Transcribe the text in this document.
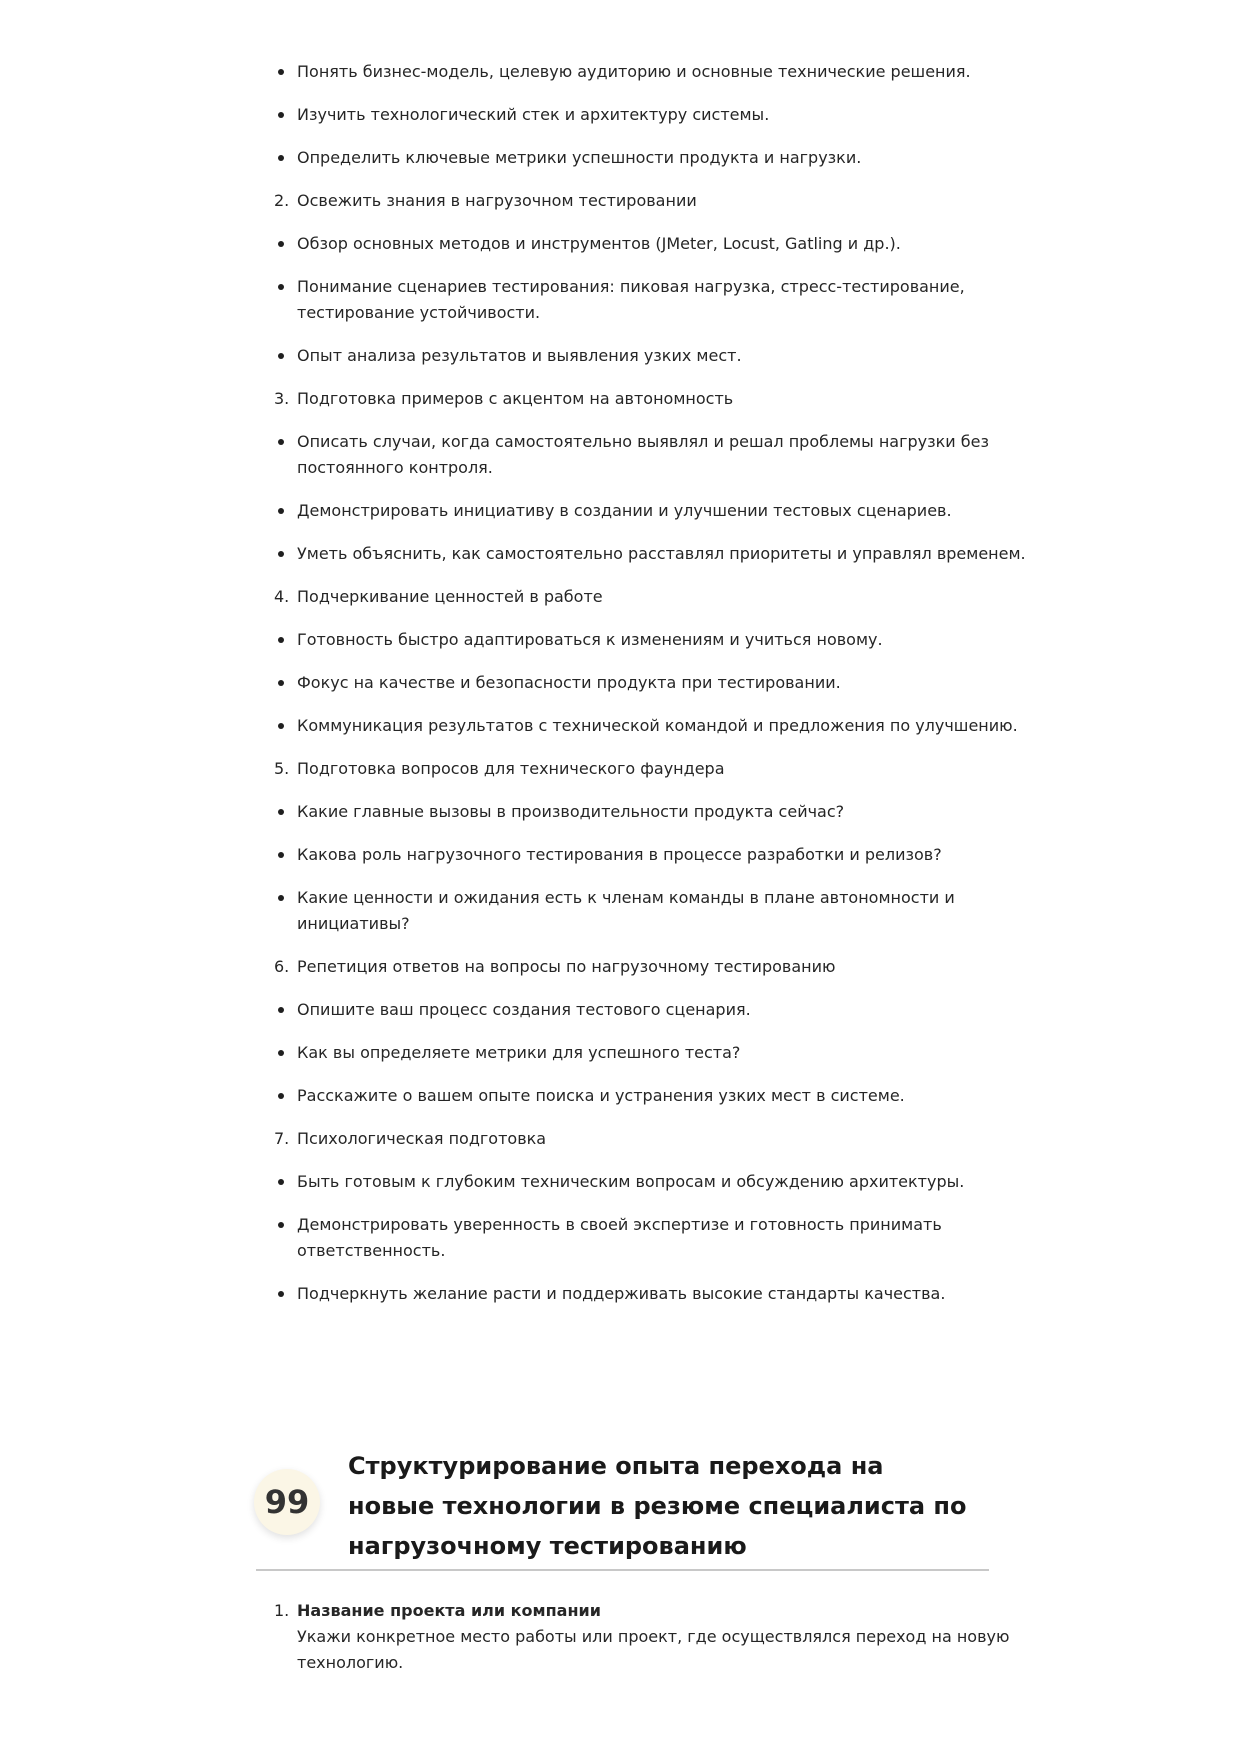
Понять бизнес-модель, целевую аудиторию и основные технические решения.
Изучить технологический стек и архитектуру системы.
Определить ключевые метрики успешности продукта и нагрузки.
2. Освежить знания в нагрузочном тестировании
Обзор основных методов и инструментов (JMeter, Locust, Gatling и др.).
Понимание сценариев тестирования: пиковая нагрузка, стресс-тестирование,
тестирование устойчивости.
Опыт анализа результатов и выявления узких мест.
3. Подготовка примеров с акцентом на автономность
Описать случаи, когда самостоятельно выявлял и решал проблемы нагрузки без
постоянного контроля.
Демонстрировать инициативу в создании и улучшении тестовых сценариев.
Уметь объяснить, как самостоятельно расставлял приоритеты и управлял временем.
4. Подчеркивание ценностей в работе
Готовность быстро адаптироваться к изменениям и учиться новому.
Фокус на качестве и безопасности продукта при тестировании.
Коммуникация результатов с технической командой и предложения по улучшению.
5. Подготовка вопросов для технического фаундера
Какие главные вызовы в производительности продукта сейчас?
Какова роль нагрузочного тестирования в процессе разработки и релизов?
Какие ценности и ожидания есть к членам команды в плане автономности и
инициативы?
6. Репетиция ответов на вопросы по нагрузочному тестированию
Опишите ваш процесс создания тестового сценария.
Как вы определяете метрики для успешного теста?
Расскажите о вашем опыте поиска и устранения узких мест в системе.
7. Психологическая подготовка
Быть готовым к глубоким техническим вопросам и обсуждению архитектуры.
Демонстрировать уверенность в своей экспертизе и готовность принимать
ответственность.
Подчеркнуть желание расти и поддерживать высокие стандарты качества.
99
Структурирование опыта перехода на новые технологии в резюме специалиста по нагрузочному тестированию
1. Название проекта или компании
Укажи конкретное место работы или проект, где осуществлялся переход на новую
технологию.
